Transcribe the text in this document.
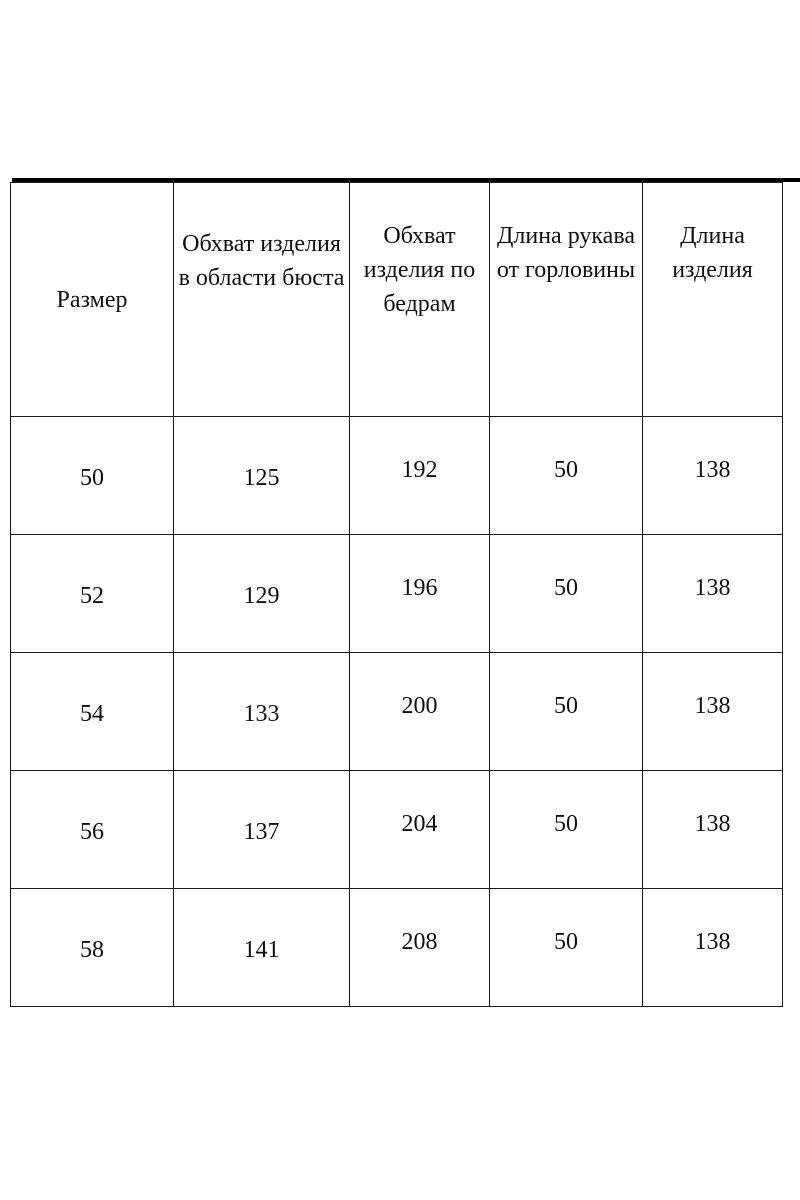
Размер	Обхват изделия в области бюста	Обхват изделия по бедрам	Длина рукава от горловины	Длина изделия

50	125	192	50	138

52	129	196	50	138

54	133	200	50	138

56	137	204	50	138

58	141	208	50	138
